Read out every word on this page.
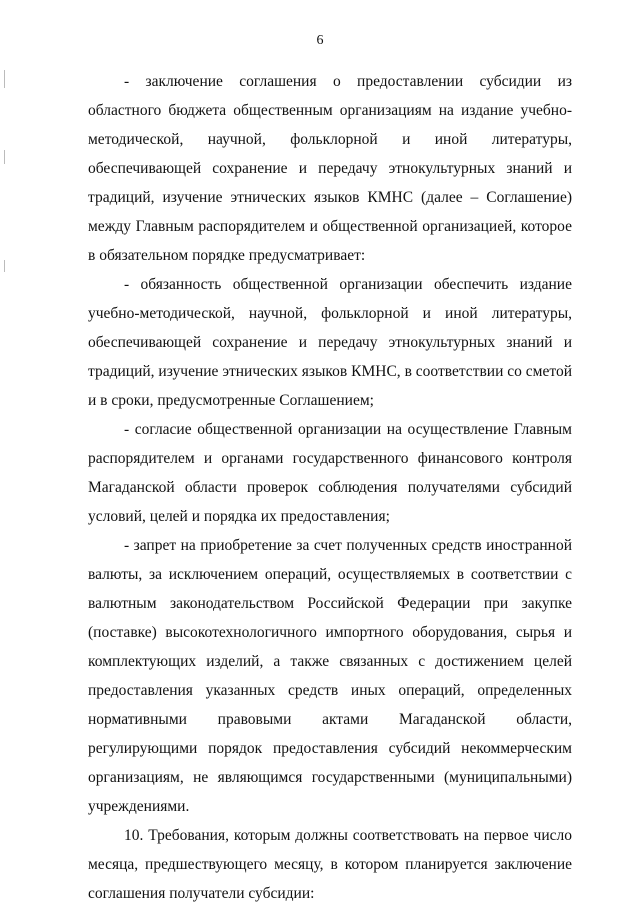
6

- заключение соглашения о предоставлении субсидии из областного бюджета общественным организациям на издание учебно-методической, научной, фольклорной и иной литературы, обеспечивающей сохранение и передачу этнокультурных знаний и традиций, изучение этнических языков КМНС (далее – Соглашение) между Главным распорядителем и общественной организацией, которое в обязательном порядке предусматривает:

- обязанность общественной организации обеспечить издание учебно-методической, научной, фольклорной и иной литературы, обеспечивающей сохранение и передачу этнокультурных знаний и традиций, изучение этнических языков КМНС, в соответствии со сметой и в сроки, предусмотренные Соглашением;

- согласие общественной организации на осуществление Главным распорядителем и органами государственного финансового контроля Магаданской области проверок соблюдения получателями субсидий условий, целей и порядка их предоставления;

- запрет на приобретение за счет полученных средств иностранной валюты, за исключением операций, осуществляемых в соответствии с валютным законодательством Российской Федерации при закупке (поставке) высокотехнологичного импортного оборудования, сырья и комплектующих изделий, а также связанных с достижением целей предоставления указанных средств иных операций, определенных нормативными правовыми актами Магаданской области, регулирующими порядок предоставления субсидий некоммерческим организациям, не являющимся государственными (муниципальными) учреждениями.

10. Требования, которым должны соответствовать на первое число месяца, предшествующего месяцу, в котором планируется заключение соглашения получатели субсидии:
